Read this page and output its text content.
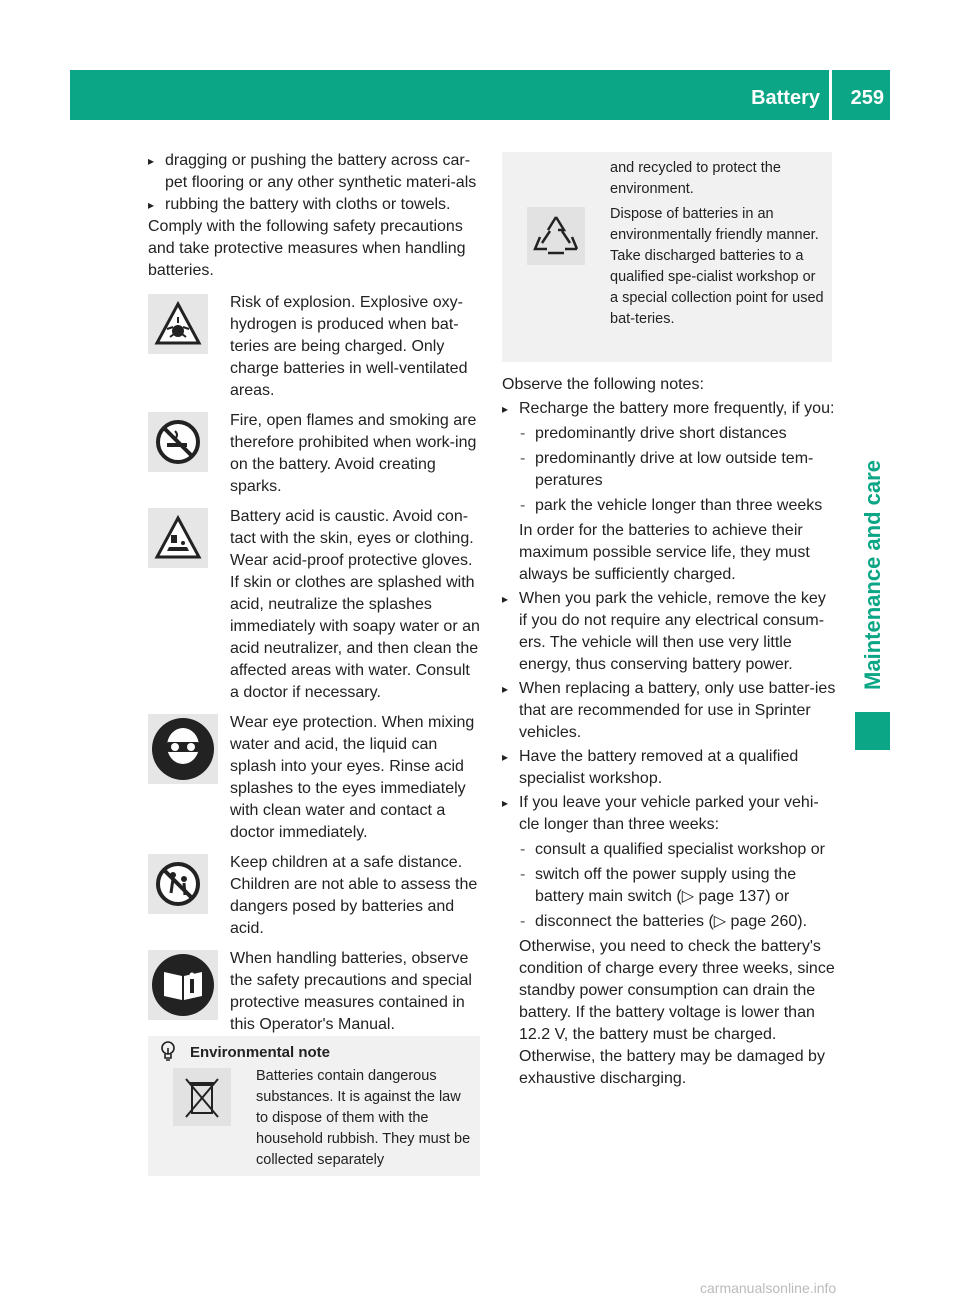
Battery 259
Maintenance and care

▸ dragging or pushing the battery across car-pet flooring or any other synthetic materi-als

▸ rubbing the battery with cloths or towels.

Comply with the following safety precautions and take protective measures when handling batteries.

Risk of explosion. Explosive oxy-hydrogen is produced when bat-teries are being charged. Only charge batteries in well-ventilated areas.

Fire, open flames and smoking are therefore prohibited when work-ing on the battery. Avoid creating sparks.

Battery acid is caustic. Avoid con-tact with the skin, eyes or clothing. Wear acid-proof protective gloves. If skin or clothes are splashed with acid, neutralize the splashes immediately with soapy water or an acid neutralizer, and then clean the affected areas with water. Consult a doctor if necessary.

Wear eye protection. When mixing water and acid, the liquid can splash into your eyes. Rinse acid splashes to the eyes immediately with clean water and contact a doctor immediately.

Keep children at a safe distance. Children are not able to assess the dangers posed by batteries and acid.

When handling batteries, observe the safety precautions and special protective measures contained in this Operator's Manual.

Environmental note

Batteries contain dangerous substances. It is against the law to dispose of them with the household rubbish. They must be collected separately

and recycled to protect the environment.

Dispose of batteries in an environmentally friendly manner. Take discharged batteries to a qualified spe-cialist workshop or a special collection point for used bat-teries.

Observe the following notes:

▸ Recharge the battery more frequently, if you:

- predominantly drive short distances

- predominantly drive at low outside tem-peratures

- park the vehicle longer than three weeks

In order for the batteries to achieve their maximum possible service life, they must always be sufficiently charged.

▸ When you park the vehicle, remove the key if you do not require any electrical consum-ers. The vehicle will then use very little energy, thus conserving battery power.

▸ When replacing a battery, only use batter-ies that are recommended for use in Sprinter vehicles.

▸ Have the battery removed at a qualified specialist workshop.

▸ If you leave your vehicle parked your vehi-cle longer than three weeks:

- consult a qualified specialist workshop or

- switch off the power supply using the battery main switch (▷ page 137) or

- disconnect the batteries (▷ page 260).

Otherwise, you need to check the battery's condition of charge every three weeks, since standby power consumption can drain the battery. If the battery voltage is lower than 12.2 V, the battery must be charged. Otherwise, the battery may be damaged by exhaustive discharging.

carmanualsonline.info
